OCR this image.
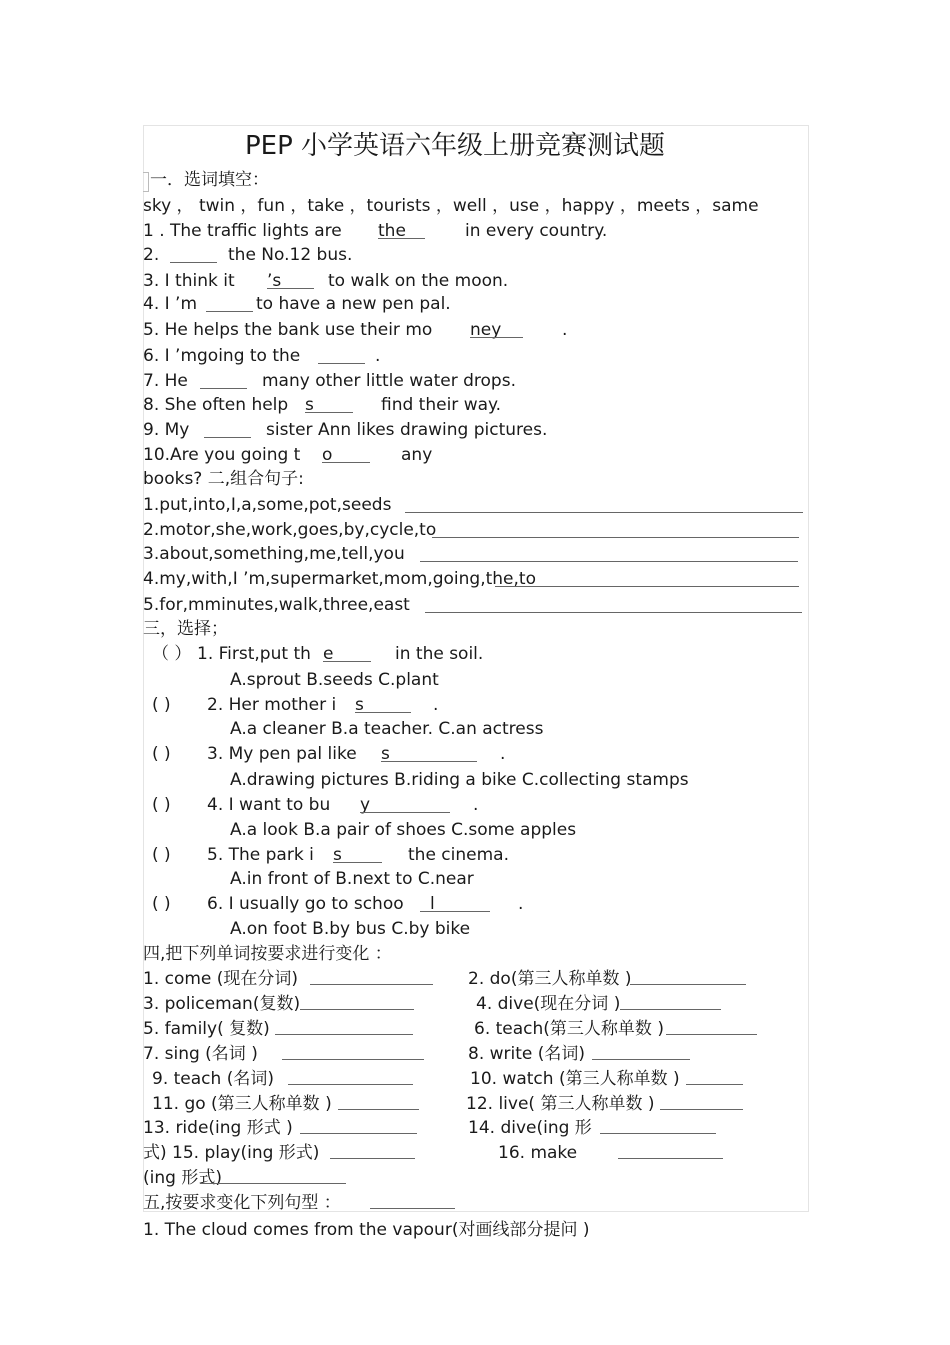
PEP 小学英语六年级上册竞赛测试题
一．选词填空：
sky ， twin ，fun ，take ，tourists ，well ，use ，happy ，meets ，same
books? 二,组合句子:
三，选择；
四,把下列单词按要求进行变化 ：
式) 15. play(ing 形式)	16. make
(ing 形式)
五,按要求变化下列句型 ：
1. The cloud comes from the vapour(对画线部分提问 )
1 . The traffic lights are the	in every country.
2.	the No.12 bus.
3. I think it ’s	to walk on the moon.
4. I ’m	to have a new pen pal.
5. He helps the bank use their mo ney	.
6. I ’mgoing to the	.
7. He	many other little water drops.
8. She often help s	find their way.
9. My	sister Ann likes drawing pictures.
10.Are you going t o	any
1.put,into,I,a,some,pot,seeds
2.motor,she,work,goes,by,cycle,to
3.about,something,me,tell,you
4.my,with,I ’m,supermarket,mom,going,the,to
5.for,mminutes,walk,three,east
（ ） 1. First,put th e	in the soil.
A.sprout B.seeds C.plant
( ) 2. Her mother i s	.
A.a cleaner B.a teacher. C.an actress
( ) 3. My pen pal like s	.
A.drawing pictures B.riding a bike C.collecting stamps
( ) 4. I want to bu y	.
A.a look B.a pair of shoes C.some apples
( ) 5. The park i s	the cinema.
A.in front of B.next to C.near
( ) 6. I usually go to schoo l	.
A.on foot B.by bus C.by bike
1. come (现在分词)	2. do(第三人称单数 )
3. policeman(复数)	4. dive(现在分词 )
5. family( 复数)	6. teach(第三人称单数 )
7. sing (名词 )	8. write (名词)
9. teach (名词)	10. watch (第三人称单数 )
11. go (第三人称单数 )	12. live( 第三人称单数 )
13. ride(ing 形式 )	14. dive(ing 形
